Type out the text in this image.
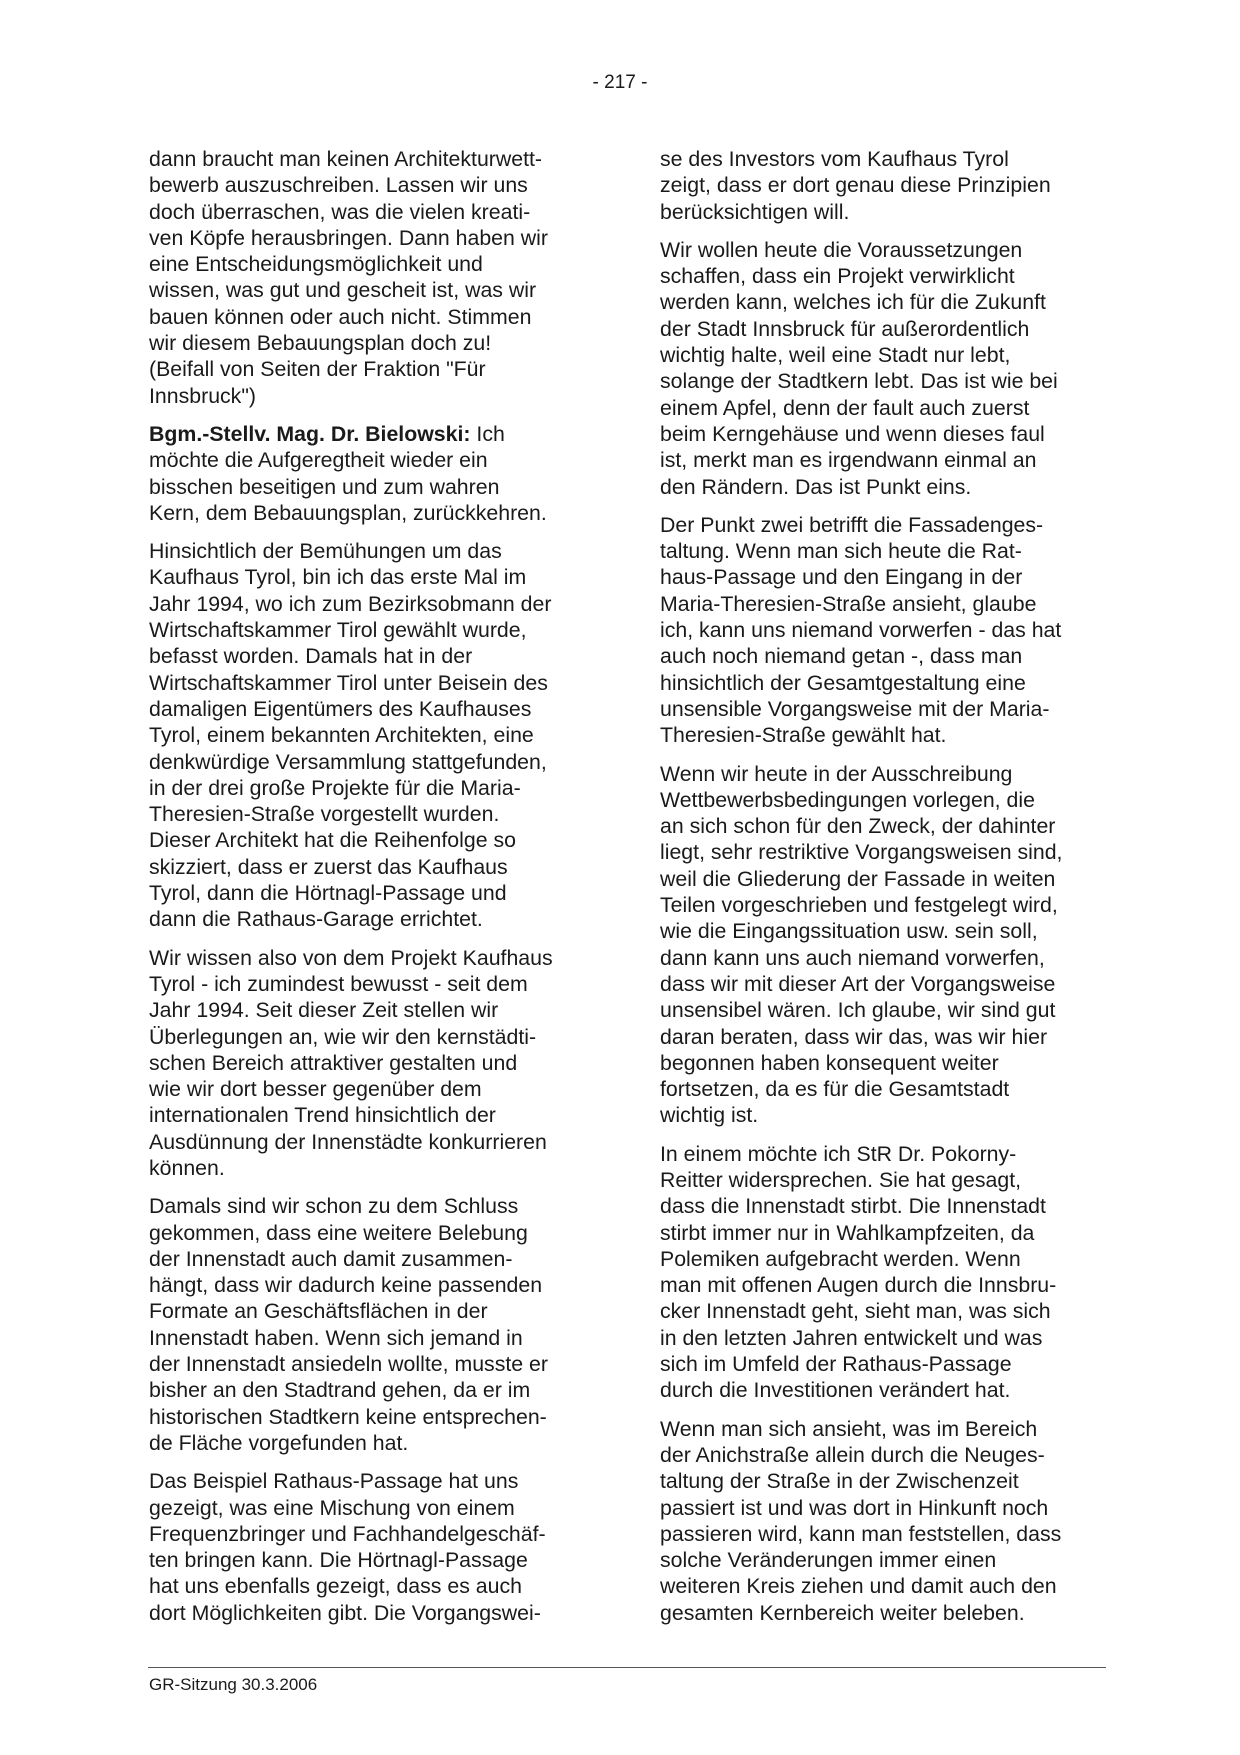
- 217 -

dann braucht man keinen Architekturwett-
bewerb auszuschreiben. Lassen wir uns
doch überraschen, was die vielen kreati-
ven Köpfe herausbringen. Dann haben wir
eine Entscheidungsmöglichkeit und
wissen, was gut und gescheit ist, was wir
bauen können oder auch nicht. Stimmen
wir diesem Bebauungsplan doch zu!
(Beifall von Seiten der Fraktion "Für
Innsbruck")

Bgm.-Stellv. Mag. Dr. Bielowski: Ich
möchte die Aufgeregtheit wieder ein
bisschen beseitigen und zum wahren
Kern, dem Bebauungsplan, zurückkehren.

Hinsichtlich der Bemühungen um das
Kaufhaus Tyrol, bin ich das erste Mal im
Jahr 1994, wo ich zum Bezirksobmann der
Wirtschaftskammer Tirol gewählt wurde,
befasst worden. Damals hat in der
Wirtschaftskammer Tirol unter Beisein des
damaligen Eigentümers des Kaufhauses
Tyrol, einem bekannten Architekten, eine
denkwürdige Versammlung stattgefunden,
in der drei große Projekte für die Maria-
Theresien-Straße vorgestellt wurden.
Dieser Architekt hat die Reihenfolge so
skizziert, dass er zuerst das Kaufhaus
Tyrol, dann die Hörtnagl-Passage und
dann die Rathaus-Garage errichtet.

Wir wissen also von dem Projekt Kaufhaus
Tyrol - ich zumindest bewusst - seit dem
Jahr 1994. Seit dieser Zeit stellen wir
Überlegungen an, wie wir den kernstädti-
schen Bereich attraktiver gestalten und
wie wir dort besser gegenüber dem
internationalen Trend hinsichtlich der
Ausdünnung der Innenstädte konkurrieren
können.

Damals sind wir schon zu dem Schluss
gekommen, dass eine weitere Belebung
der Innenstadt auch damit zusammen-
hängt, dass wir dadurch keine passenden
Formate an Geschäftsflächen in der
Innenstadt haben. Wenn sich jemand in
der Innenstadt ansiedeln wollte, musste er
bisher an den Stadtrand gehen, da er im
historischen Stadtkern keine entsprechen-
de Fläche vorgefunden hat.

Das Beispiel Rathaus-Passage hat uns
gezeigt, was eine Mischung von einem
Frequenzbringer und Fachhandelgeschäf-
ten bringen kann. Die Hörtnagl-Passage
hat uns ebenfalls gezeigt, dass es auch
dort Möglichkeiten gibt. Die Vorgangswei-

se des Investors vom Kaufhaus Tyrol
zeigt, dass er dort genau diese Prinzipien
berücksichtigen will.

Wir wollen heute die Voraussetzungen
schaffen, dass ein Projekt verwirklicht
werden kann, welches ich für die Zukunft
der Stadt Innsbruck für außerordentlich
wichtig halte, weil eine Stadt nur lebt,
solange der Stadtkern lebt. Das ist wie bei
einem Apfel, denn der fault auch zuerst
beim Kerngehäuse und wenn dieses faul
ist, merkt man es irgendwann einmal an
den Rändern. Das ist Punkt eins.

Der Punkt zwei betrifft die Fassadenges-
taltung. Wenn man sich heute die Rat-
haus-Passage und den Eingang in der
Maria-Theresien-Straße ansieht, glaube
ich, kann uns niemand vorwerfen - das hat
auch noch niemand getan -, dass man
hinsichtlich der Gesamtgestaltung eine
unsensible Vorgangsweise mit der Maria-
Theresien-Straße gewählt hat.

Wenn wir heute in der Ausschreibung
Wettbewerbsbedingungen vorlegen, die
an sich schon für den Zweck, der dahinter
liegt, sehr restriktive Vorgangsweisen sind,
weil die Gliederung der Fassade in weiten
Teilen vorgeschrieben und festgelegt wird,
wie die Eingangssituation usw. sein soll,
dann kann uns auch niemand vorwerfen,
dass wir mit dieser Art der Vorgangsweise
unsensibel wären. Ich glaube, wir sind gut
daran beraten, dass wir das, was wir hier
begonnen haben konsequent weiter
fortsetzen, da es für die Gesamtstadt
wichtig ist.

In einem möchte ich StR Dr. Pokorny-
Reitter widersprechen. Sie hat gesagt,
dass die Innenstadt stirbt. Die Innenstadt
stirbt immer nur in Wahlkampfzeiten, da
Polemiken aufgebracht werden. Wenn
man mit offenen Augen durch die Innsbru-
cker Innenstadt geht, sieht man, was sich
in den letzten Jahren entwickelt und was
sich im Umfeld der Rathaus-Passage
durch die Investitionen verändert hat.

Wenn man sich ansieht, was im Bereich
der Anichstraße allein durch die Neuges-
taltung der Straße in der Zwischenzeit
passiert ist und was dort in Hinkunft noch
passieren wird, kann man feststellen, dass
solche Veränderungen immer einen
weiteren Kreis ziehen und damit auch den
gesamten Kernbereich weiter beleben.

GR-Sitzung 30.3.2006
